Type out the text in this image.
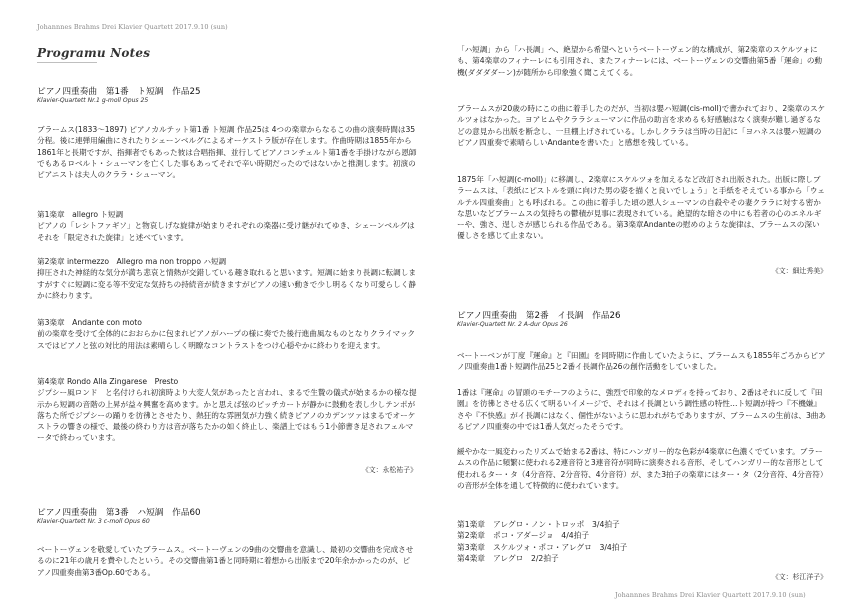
Johannnes Brahms Drei Klavier Quartett 2017.9.10 (sun)
Programu Notes
ピアノ四重奏曲　第1番　ト短調　作品25
Klavier-Quartett Nr.1 g-moll Opus 25

ブラームス(1833〜1897) ピアノカルテット第1番 ト短調 作品25は 4つの楽章からなるこの曲の演奏時間は35分程。後に連弾用編曲にされたりシェーンベルグによるオーケストラ版が存在します。作曲時期は1855年から1861年と長期ですが、指揮者でもあった彼は合唱指揮、並行してピアノコンチェルト第1番を手掛けながら恩師でもあるロベルト・シューマンを亡くした事もあってそれで辛い時期だったのではないかと推測します。初演のピアニストは夫人のクララ・シューマン。

第1楽章　allegro ト短調
ピアノの「レシトファギソ」と物哀しげな旋律が始まりそれぞれの楽器に受け継がれてゆき、シェーンベルグはそれを「限定された旋律」と述べています。
第2楽章 intermezzo　Allegro ma non troppo ハ短調
抑圧された神経的な気分が満ち悲哀と情熱が交錯している趣き取れると思います。短調に始まり長調に転調しますがすぐに短調に変る等不安定な気持ちの持続音が続きますがピアノの速い動きで少し明るくなり可愛らしく静かに終わります。
第3楽章　Andante con moto
前の楽章を受けて全体的におおらかに包まれピアノがハープの様に奏でた後行進曲風なものとなりクライマックスではピアノと弦の対比的用法は素晴らしく明瞭なコントラストをつけ心穏やかに終わりを迎えます。
第4楽章 Rondo Alla Zingarese　Presto
ジプシー風ロンド　と名付けられ初演時より大変人気があったと言われ、まるで生贄の儀式が始まるかの様な提示から短調の音階の上昇が益々興奮を高めます。かと思えば弦のピッチカートが静かに鼓動を表し少しテンポが落ちた所でジプシーの踊りを彷彿とさせたり、熱狂的な雰囲気が力強く続きピアノのカデンツァはまるでオーケストラの響きの様で、最後の終わり方は音が落ちたかの如く終止し、楽譜上ではもう1小節書き足されフェルマータで終わっています。
《文：永松祐子》
ピアノ四重奏曲　第3番　ハ短調　作品60
Klavier-Quartett Nr. 3 c-moll Opus 60

ベートーヴェンを敬愛していたブラームス。ベートーヴェンの9曲の交響曲を意識し、最初の交響曲を完成させるのに21年の歳月を費やしたという。その交響曲第1番と同時期に着想から出版まで20年余かかったのが、ピアノ四重奏曲第3番Op.60である。

「ハ短調」から「ハ長調」へ、絶望から希望へというベートーヴェン的な構成が、第2楽章のスケルツォにも、第4楽章のフィナーレにも引用され、またフィナーレには、ベートーヴェンの交響曲第5番「運命」の動機(ダダダダーン)が随所から印象強く聞こえてくる。

ブラームスが20歳の時にこの曲に着手したのだが、当初は嬰ハ短調(cis-moll)で書かれており、2楽章のスケルツォはなかった。ヨアヒムやクララシューマンに作品の助言を求めるも好感触はなく演奏が難し過ぎるなどの意見から出版を断念し、一旦棚上げされている。しかしクララは当時の日記に「ヨハネスは嬰ハ短調のピアノ四重奏で素晴らしいAndanteを書いた」と感想を残している。

1875年「ハ短調(c-moll)」に移調し、2楽章にスケルツォを加えるなど改訂され出版された。出版に際しブラームスは、「表紙にピストルを頭に向けた男の姿を描くと良いでしょう」と手紙をそえている事から「ウェルテル四重奏曲」とも呼ばれる。この曲に着手した頃の恩人シューマンの自殺やその妻クララに対する密かな思いなどブラームスの気持ちの鬱積が見事に表現されている。絶望的な暗さの中にも若者の心のエネルギーや、強さ、逞しさが感じられる作品である。第3楽章Andanteの慰めのような旋律は、ブラームスの深い優しさを感じて止まない。

《文：細辻秀美》
ピアノ四重奏曲　第2番　イ長調　作品26
Klavier-Quartett Nr. 2 A-dur Opus 26

ベートーベンが丁度『運命』と『田園』を同時期に作曲していたように、ブラームスも1855年ごろからピアノ四重奏曲1番ト短調作品25と2番イ長調作品26の創作活動をしていました。

1番は『運命』の冒頭のモチーフのように、強烈で印象的なメロディを持っており、2番はそれに反して『田園』を彷彿とさせる広くて明るいイメージで、それはイ長調という調性感の特性…ト短調が持つ『不機嫌』さや『不快感』がイ長調にはなく、個性がないように思われがちでありますが、ブラームスの生前は、3曲あるピアノ四重奏の中では1番人気だったそうです。

緩やかな一風変わったリズムで始まる2番は、特にハンガリー的な色彩が4楽章に色濃くでています。ブラームスの作品に頻繁に使われる2連音符と3連音符が同時に演奏される音形、そしてハンガリー的な音形として使われるター・タ（4分音符、2分音符、4分音符）が、また3拍子の楽章にはター・タ（2分音符、4分音符）の音形が全体を通して特徴的に使われています。

第1楽章	アレグロ・ノン・トロッポ　3/4拍子
第2楽章	ポコ・アダージョ　4/4拍子
第3楽章	スケルツォ・ポコ・アレグロ　3/4拍子
第4楽章	アレグロ　2/2拍子
《文：杉江洋子》
Johannnes Brahms Drei Klavier Quartett 2017.9.10 (sun)
